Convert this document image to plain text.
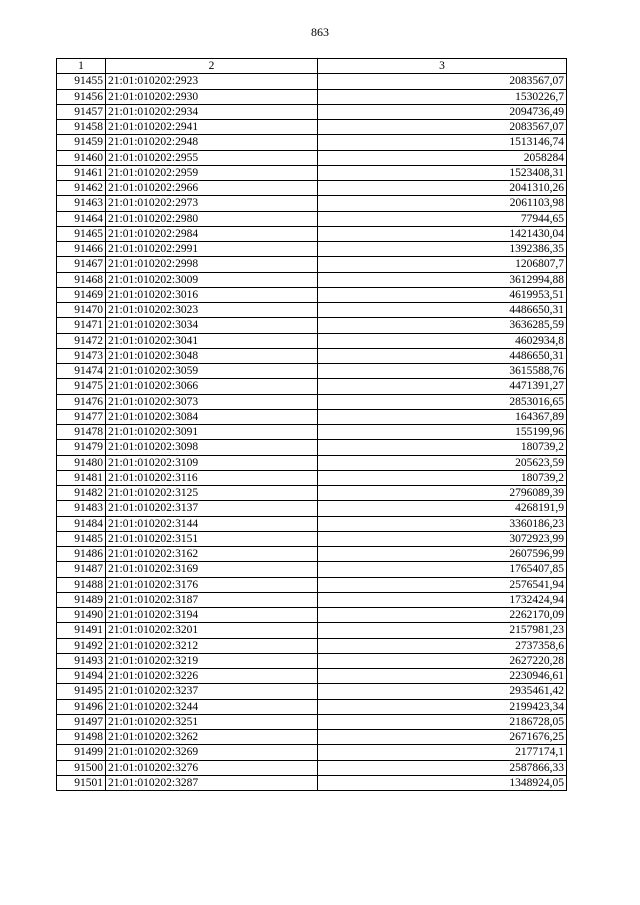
863
1	2	3
91455	21:01:010202:2923	2083567,07
91456	21:01:010202:2930	1530226,7
91457	21:01:010202:2934	2094736,49
91458	21:01:010202:2941	2083567,07
91459	21:01:010202:2948	1513146,74
91460	21:01:010202:2955	2058284
91461	21:01:010202:2959	1523408,31
91462	21:01:010202:2966	2041310,26
91463	21:01:010202:2973	2061103,98
91464	21:01:010202:2980	77944,65
91465	21:01:010202:2984	1421430,04
91466	21:01:010202:2991	1392386,35
91467	21:01:010202:2998	1206807,7
91468	21:01:010202:3009	3612994,88
91469	21:01:010202:3016	4619953,51
91470	21:01:010202:3023	4486650,31
91471	21:01:010202:3034	3636285,59
91472	21:01:010202:3041	4602934,8
91473	21:01:010202:3048	4486650,31
91474	21:01:010202:3059	3615588,76
91475	21:01:010202:3066	4471391,27
91476	21:01:010202:3073	2853016,65
91477	21:01:010202:3084	164367,89
91478	21:01:010202:3091	155199,96
91479	21:01:010202:3098	180739,2
91480	21:01:010202:3109	205623,59
91481	21:01:010202:3116	180739,2
91482	21:01:010202:3125	2796089,39
91483	21:01:010202:3137	4268191,9
91484	21:01:010202:3144	3360186,23
91485	21:01:010202:3151	3072923,99
91486	21:01:010202:3162	2607596,99
91487	21:01:010202:3169	1765407,85
91488	21:01:010202:3176	2576541,94
91489	21:01:010202:3187	1732424,94
91490	21:01:010202:3194	2262170,09
91491	21:01:010202:3201	2157981,23
91492	21:01:010202:3212	2737358,6
91493	21:01:010202:3219	2627220,28
91494	21:01:010202:3226	2230946,61
91495	21:01:010202:3237	2935461,42
91496	21:01:010202:3244	2199423,34
91497	21:01:010202:3251	2186728,05
91498	21:01:010202:3262	2671676,25
91499	21:01:010202:3269	2177174,1
91500	21:01:010202:3276	2587866,33
91501	21:01:010202:3287	1348924,05
